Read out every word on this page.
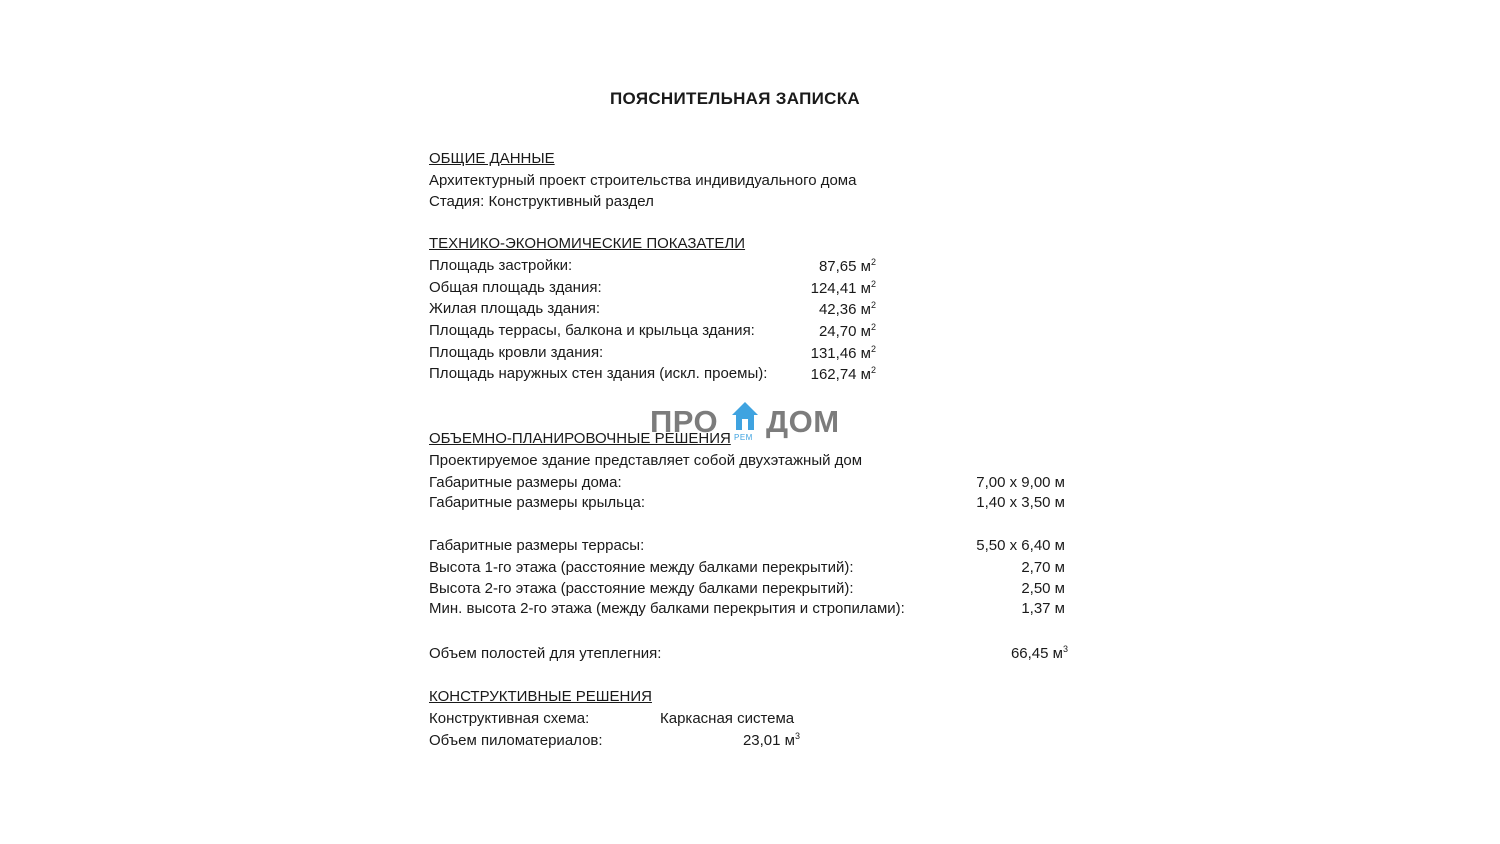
ПОЯСНИТЕЛЬНАЯ ЗАПИСКА
ОБЩИЕ ДАННЫЕ
Архитектурный проект строительства индивидуального дома
Стадия: Конструктивный раздел
ТЕХНИКО-ЭКОНОМИЧЕСКИЕ ПОКАЗАТЕЛИ
Площадь застройки:	87,65 $м^2$
Общая площадь здания:	124,41 $м^2$
Жилая площадь здания:	42,36 $м^2$
Площадь террасы, балкона и крыльца здания:	24,70 $м^2$
Площадь кровли здания:	131,46 $м^2$
Площадь наружных стен здания (искл. проемы):	162,74 $м^2$
ОБЪЕМНО-ПЛАНИРОВОЧНЫЕ РЕШЕНИЯ
ПРО РЕМ ДОМ
Проектируемое здание представляет собой двухэтажный дом
Габаритные размеры дома:	7,00 х 9,00 м
Габаритные размеры крыльца:	1,40 х 3,50 м
Габаритные размеры террасы:	5,50 х 6,40 м
Высота 1-го этажа (расстояние между балками перекрытий):	2,70 м
Высота 2-го этажа (расстояние между балками перекрытий):	2,50 м
Мин. высота 2-го этажа (между балками перекрытия и стропилами):	1,37 м
Объем полостей для утеплегния:	66,45 $м^3$
КОНСТРУКТИВНЫЕ РЕШЕНИЯ
Конструктивная схема:	Каркасная система
Объем пиломатериалов:	23,01 $м^3$
